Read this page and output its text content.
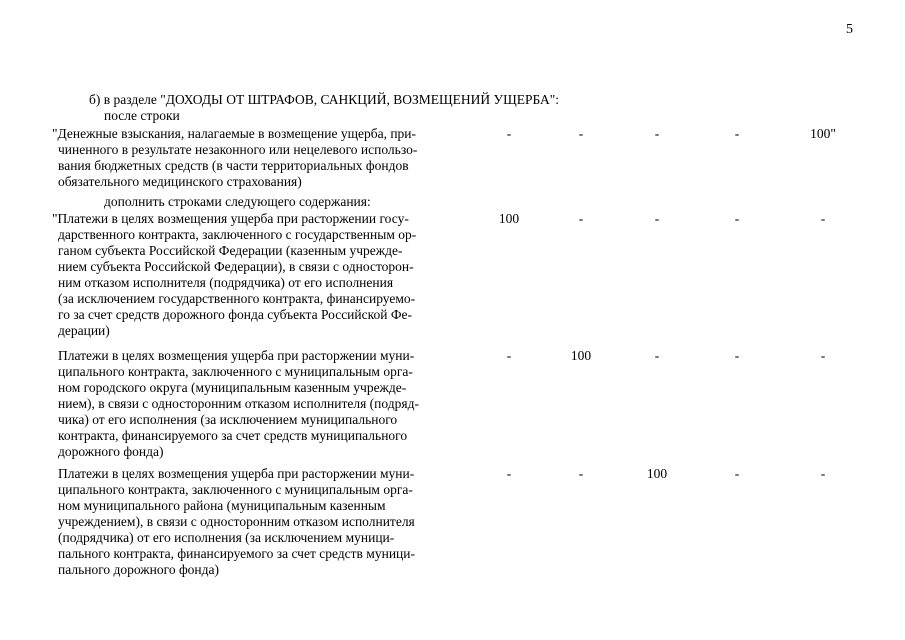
5
б) в разделе "ДОХОДЫ ОТ ШТРАФОВ, САНКЦИЙ, ВОЗМЕЩЕНИЙ УЩЕРБА":
после строки
"Денежные взыскания, налагаемые в возмещение ущерба, при-
чиненного в результате незаконного или нецелевого использо-
вания бюджетных средств (в части территориальных фондов
обязательного медицинского страхования)
-	-	-	-	100"
дополнить строками следующего содержания:
"Платежи в целях возмещения ущерба при расторжении госу-
дарственного контракта, заключенного с государственным ор-
ганом субъекта Российской Федерации (казенным учрежде-
нием субъекта Российской Федерации), в связи с односторон-
ним отказом исполнителя (подрядчика) от его исполнения
(за исключением государственного контракта, финансируемо-
го за счет средств дорожного фонда субъекта Российской Фе-
дерации)
100	-	-	-	-
Платежи в целях возмещения ущерба при расторжении муни-
ципального контракта, заключенного с муниципальным орга-
ном городского округа (муниципальным казенным учрежде-
нием), в связи с односторонним отказом исполнителя (подряд-
чика) от его исполнения (за исключением муниципального
контракта, финансируемого за счет средств муниципального
дорожного фонда)
-	100	-	-	-
Платежи в целях возмещения ущерба при расторжении муни-
ципального контракта, заключенного с муниципальным орга-
ном муниципального района (муниципальным казенным
учреждением), в связи с односторонним отказом исполнителя
(подрядчика) от его исполнения (за исключением муници-
пального контракта, финансируемого за счет средств муници-
пального дорожного фонда)
-	-	100	-	-
